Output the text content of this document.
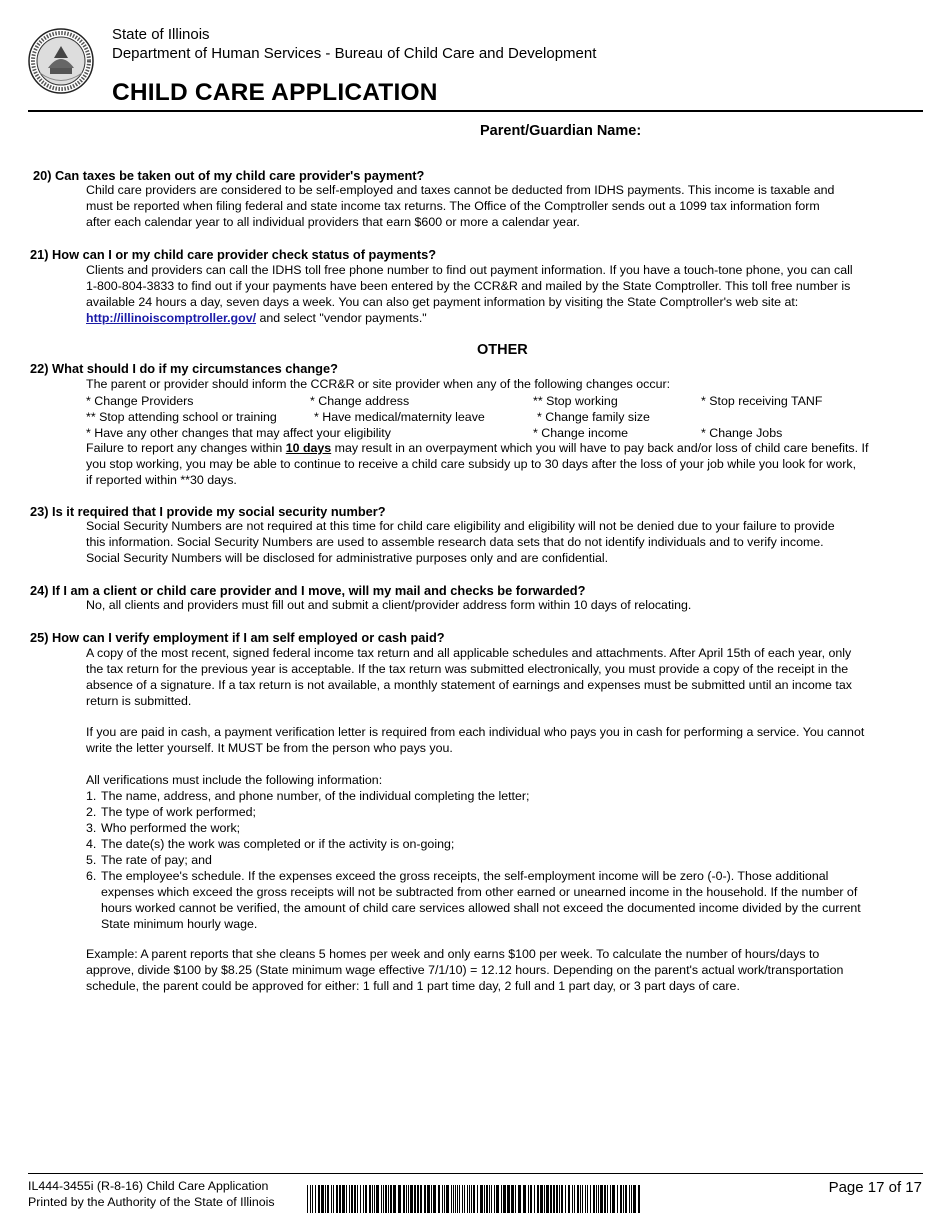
State of Illinois
Department of Human Services - Bureau of Child Care and Development
CHILD CARE APPLICATION
Parent/Guardian Name:
20) Can taxes be taken out of my child care provider's payment?
Child care providers are considered to be self-employed and taxes cannot be deducted from IDHS payments. This income is taxable and
must be reported when filing federal and state income tax returns. The Office of the Comptroller sends out a 1099 tax information form
after each calendar year to all individual providers that earn $600 or more a calendar year.
21) How can I or my child care provider check status of payments?
Clients and providers can call the IDHS toll free phone number to find out payment information. If you have a touch-tone phone, you can call
1-800-804-3833 to find out if your payments have been entered by the CCR&R and mailed by the State Comptroller. This toll free number is
available 24 hours a day, seven days a week. You can also get payment information by visiting the State Comptroller's web site at:
http://illinoiscomptroller.gov/ and select "vendor payments."
OTHER
22) What should I do if my circumstances change?
The parent or provider should inform the CCR&R or site provider when any of the following changes occur:
* Change Providers	* Change address	** Stop working	* Stop receiving TANF
** Stop attending school or training	* Have medical/maternity leave	* Change family size
* Have any other changes that may affect your eligibility	* Change income	* Change Jobs
Failure to report any changes within 10 days may result in an overpayment which you will have to pay back and/or loss of child care benefits. If
you stop working, you may be able to continue to receive a child care subsidy up to 30 days after the loss of your job while you look for work,
if reported within **30 days.
23) Is it required that I provide my social security number?
Social Security Numbers are not required at this time for child care eligibility and eligibility will not be denied due to your failure to provide
this information. Social Security Numbers are used to assemble research data sets that do not identify individuals and to verify income.
Social Security Numbers will be disclosed for administrative purposes only and are confidential.
24) If I am a client or child care provider and I move, will my mail and checks be forwarded?
No, all clients and providers must fill out and submit a client/provider address form within 10 days of relocating.
25) How can I verify employment if I am self employed or cash paid?
A copy of the most recent, signed federal income tax return and all applicable schedules and attachments. After April 15th of each year, only
the tax return for the previous year is acceptable. If the tax return was submitted electronically, you must provide a copy of the receipt in the
absence of a signature. If a tax return is not available, a monthly statement of earnings and expenses must be submitted until an income tax
return is submitted.
If you are paid in cash, a payment verification letter is required from each individual who pays you in cash for performing a service. You cannot
write the letter yourself. It MUST be from the person who pays you.
All verifications must include the following information:
1. The name, address, and phone number, of the individual completing the letter;
2. The type of work performed;
3. Who performed the work;
4. The date(s) the work was completed or if the activity is on-going;
5. The rate of pay; and
6. The employee's schedule. If the expenses exceed the gross receipts, the self-employment income will be zero (-0-). Those additional
expenses which exceed the gross receipts will not be subtracted from other earned or unearned income in the household. If the number of
hours worked cannot be verified, the amount of child care services allowed shall not exceed the documented income divided by the current
State minimum hourly wage.
Example: A parent reports that she cleans 5 homes per week and only earns $100 per week. To calculate the number of hours/days to
approve, divide $100 by $8.25 (State minimum wage effective 7/1/10) = 12.12 hours. Depending on the parent's actual work/transportation
schedule, the parent could be approved for either: 1 full and 1 part time day, 2 full and 1 part day, or 3 part days of care.
IL444-3455i (R-8-16) Child Care Application
Printed by the Authority of the State of Illinois
Page 17 of 17
